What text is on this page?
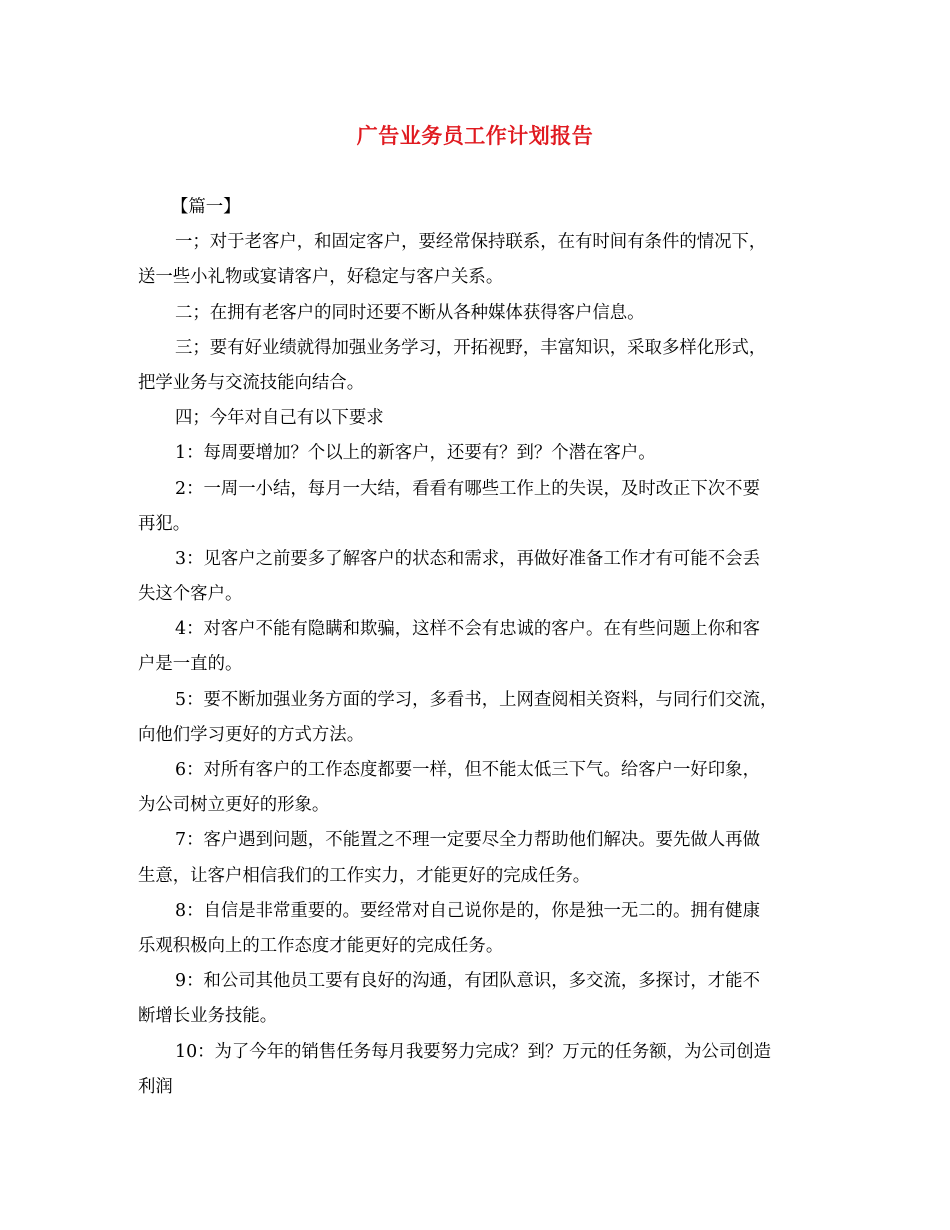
广告业务员工作计划报告
【篇一】
一；对于老客户，和固定客户，要经常保持联系，在有时间有条件的情况下，
送一些小礼物或宴请客户，好稳定与客户关系。
二；在拥有老客户的同时还要不断从各种媒体获得客户信息。
三；要有好业绩就得加强业务学习，开拓视野，丰富知识，采取多样化形式，
把学业务与交流技能向结合。
四；今年对自己有以下要求
1：每周要增加？个以上的新客户，还要有？到？个潜在客户。
2：一周一小结，每月一大结，看看有哪些工作上的失误，及时改正下次不要
再犯。
3：见客户之前要多了解客户的状态和需求，再做好准备工作才有可能不会丢
失这个客户。
4：对客户不能有隐瞒和欺骗，这样不会有忠诚的客户。在有些问题上你和客
户是一直的。
5：要不断加强业务方面的学习，多看书，上网查阅相关资料，与同行们交流，
向他们学习更好的方式方法。
6：对所有客户的工作态度都要一样，但不能太低三下气。给客户一好印象，
为公司树立更好的形象。
7：客户遇到问题，不能置之不理一定要尽全力帮助他们解决。要先做人再做
生意，让客户相信我们的工作实力，才能更好的完成任务。
8：自信是非常重要的。要经常对自己说你是的，你是独一无二的。拥有健康
乐观积极向上的工作态度才能更好的完成任务。
9：和公司其他员工要有良好的沟通，有团队意识，多交流，多探讨，才能不
断增长业务技能。
10：为了今年的销售任务每月我要努力完成？到？万元的任务额，为公司创造
利润
